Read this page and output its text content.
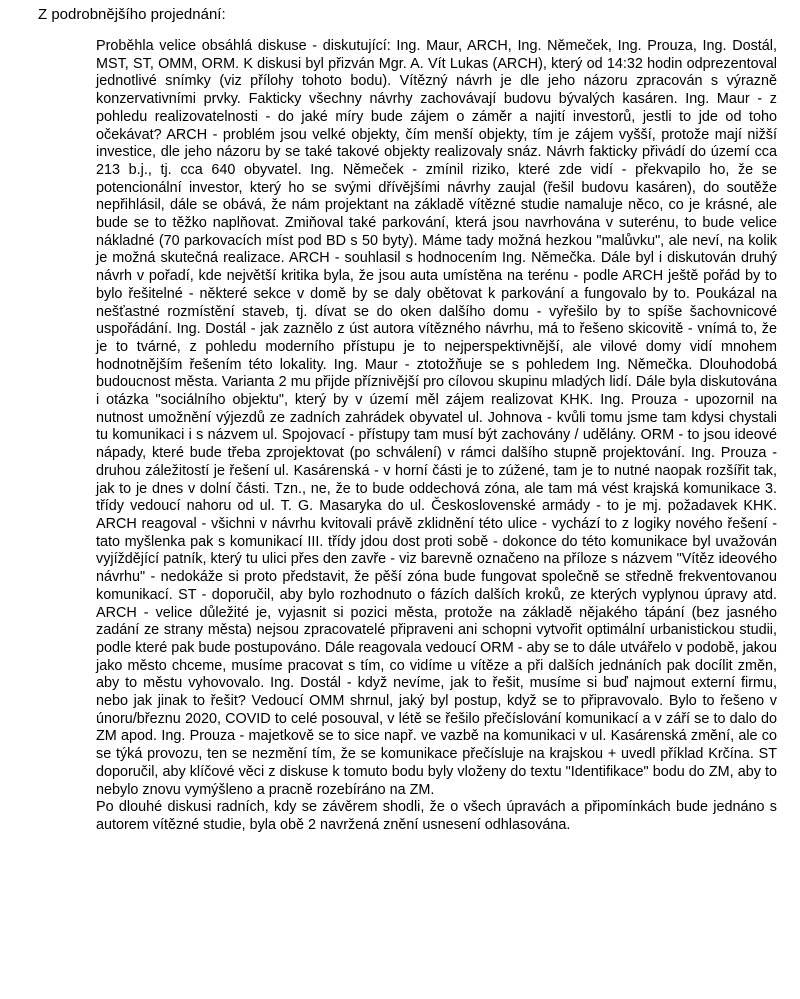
Z podrobnějšího projednání:

Proběhla velice obsáhlá diskuse - diskutující: Ing. Maur, ARCH, Ing. Němeček, Ing. Prouza, Ing. Dostál, MST, ST, OMM, ORM. K diskusi byl přizván Mgr. A. Vít Lukas (ARCH), který od 14:32 hodin odprezentoval jednotlivé snímky (viz přílohy tohoto bodu). Vítězný návrh je dle jeho názoru zpracován s výrazně konzervativními prvky. Fakticky všechny návrhy zachovávají budovu bývalých kasáren. Ing. Maur - z pohledu realizovatelnosti - do jaké míry bude zájem o záměr a najití investorů, jestli to jde od toho očekávat? ARCH - problém jsou velké objekty, čím menší objekty, tím je zájem vyšší, protože mají nižší investice, dle jeho názoru by se také takové objekty realizovaly snáz. Návrh fakticky přivádí do území cca 213 b.j., tj. cca 640 obyvatel. Ing. Němeček - zmínil riziko, které zde vidí - překvapilo ho, že se potencionální investor, který ho se svými dřívějšími návrhy zaujal (řešil budovu kasáren), do soutěže nepřihlásil, dále se obává, že nám projektant na základě vítězné studie namaluje něco, co je krásné, ale bude se to těžko naplňovat. Zmiňoval také parkování, která jsou navrhována v suterénu, to bude velice nákladné (70 parkovacích míst pod BD s 50 byty). Máme tady možná hezkou "malůvku", ale neví, na kolik je možná skutečná realizace. ARCH - souhlasil s hodnocením Ing. Němečka. Dále byl i diskutován druhý návrh v pořadí, kde největší kritika byla, že jsou auta umístěna na terénu - podle ARCH ještě pořád by to bylo řešitelné - některé sekce v domě by se daly obětovat k parkování a fungovalo by to. Poukázal na nešťastné rozmístění staveb, tj. dívat se do oken dalšího domu - vyřešilo by to spíše šachovnicové uspořádání. Ing. Dostál - jak zaznělo z úst autora vítězného návrhu, má to řešeno skicovitě - vnímá to, že je to tvárné, z pohledu moderního přístupu je to nejperspektivnější, ale vilové domy vidí mnohem hodnotnějším řešením této lokality. Ing. Maur - ztotožňuje se s pohledem Ing. Němečka. Dlouhodobá budoucnost města. Varianta 2 mu přijde příznivější pro cílovou skupinu mladých lidí. Dále byla diskutována i otázka "sociálního objektu", který by v území měl zájem realizovat KHK. Ing. Prouza - upozornil na nutnost umožnění výjezdů ze zadních zahrádek obyvatel ul. Johnova - kvůli tomu jsme tam kdysi chystali tu komunikaci i s názvem ul. Spojovací - přístupy tam musí být zachovány / udělány. ORM - to jsou ideové nápady, které bude třeba zprojektovat (po schválení) v rámci dalšího stupně projektování. Ing. Prouza - druhou záležitostí je řešení ul. Kasárenská - v horní části je to zúžené, tam je to nutné naopak rozšířit tak, jak to je dnes v dolní části. Tzn., ne, že to bude oddechová zóna, ale tam má vést krajská komunikace 3. třídy vedoucí nahoru od ul. T. G. Masaryka do ul. Československé armády - to je mj. požadavek KHK. ARCH reagoval - všichni v návrhu kvitovali právě zklidnění této ulice - vychází to z logiky nového řešení - tato myšlenka pak s komunikací III. třídy jdou dost proti sobě - dokonce do této komunikace byl uvažován vyjíždějící patník, který tu ulici přes den zavře - viz barevně označeno na příloze s názvem "Vítěz ideového návrhu" - nedokáže si proto představit, že pěší zóna bude fungovat společně se středně frekventovanou komunikací. ST - doporučil, aby bylo rozhodnuto o fázích dalších kroků, ze kterých vyplynou úpravy atd. ARCH - velice důležité je, vyjasnit si pozici města, protože na základě nějakého tápání (bez jasného zadání ze strany města) nejsou zpracovatelé připraveni ani schopni vytvořit optimální urbanistickou studii, podle které pak bude postupováno. Dále reagovala vedoucí ORM - aby se to dále utvářelo v podobě, jakou jako město chceme, musíme pracovat s tím, co vidíme u vítěze a při dalších jednáních pak docílit změn, aby to městu vyhovovalo. Ing. Dostál - když nevíme, jak to řešit, musíme si buď najmout externí firmu, nebo jak jinak to řešit? Vedoucí OMM shrnul, jaký byl postup, když se to připravovalo. Bylo to řešeno v únoru/březnu 2020, COVID to celé posouval, v létě se řešilo přečíslování komunikací a v září se to dalo do ZM apod. Ing. Prouza - majetkově se to sice např. ve vazbě na komunikaci v ul. Kasárenská změní, ale co se týká provozu, ten se nezmění tím, že se komunikace přečísluje na krajskou + uvedl příklad Krčína. ST doporučil, aby klíčové věci z diskuse k tomuto bodu byly vloženy do textu "Identifikace" bodu do ZM, aby to nebylo znovu vymýšleno a pracně rozebíráno na ZM.

Po dlouhé diskusi radních, kdy se závěrem shodli, že o všech úpravách a připomínkách bude jednáno s autorem vítězné studie, byla obě 2 navržená znění usnesení odhlasována.
